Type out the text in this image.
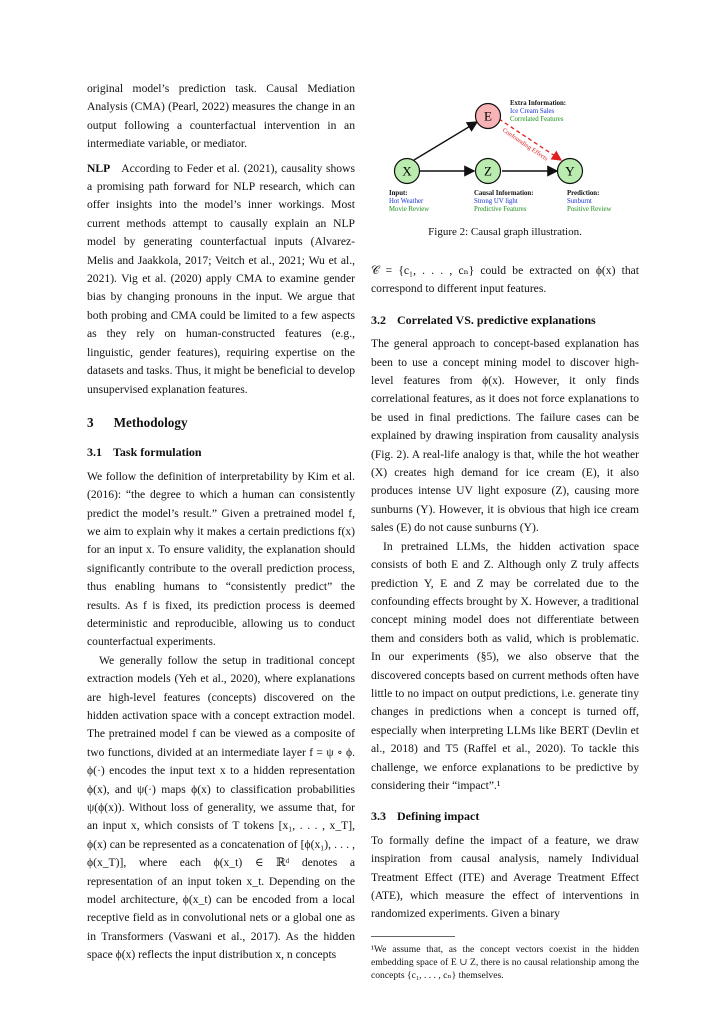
original model’s prediction task. Causal Mediation Analysis (CMA) (Pearl, 2022) measures the change in an output following a counterfactual intervention in an intermediate variable, or mediator.

NLP According to Feder et al. (2021), causality shows a promising path forward for NLP research, which can offer insights into the model’s inner workings. Most current methods attempt to causally explain an NLP model by generating counterfactual inputs (Alvarez-Melis and Jaakkola, 2017; Veitch et al., 2021; Wu et al., 2021). Vig et al. (2020) apply CMA to examine gender bias by changing pronouns in the input. We argue that both probing and CMA could be limited to a few aspects as they rely on human-constructed features (e.g., linguistic, gender features), requiring expertise on the datasets and tasks. Thus, it might be beneficial to develop unsupervised explanation features.

3 Methodology
3.1 Task formulation

We follow the definition of interpretability by Kim et al. (2016): “the degree to which a human can consistently predict the model’s result.” Given a pretrained model f, we aim to explain why it makes a certain predictions f(x) for an input x. To ensure validity, the explanation should significantly contribute to the overall prediction process, thus enabling humans to “consistently predict” the results. As f is fixed, its prediction process is deemed deterministic and reproducible, allowing us to conduct counterfactual experiments.

We generally follow the setup in traditional concept extraction models (Yeh et al., 2020), where explanations are high-level features (concepts) discovered on the hidden activation space with a concept extraction model. The pretrained model f can be viewed as a composite of two functions, divided at an intermediate layer f = ψ ∘ ϕ. ϕ(·) encodes the input text x to a hidden representation ϕ(x), and ψ(·) maps ϕ(x) to classification probabilities ψ(ϕ(x)). Without loss of generality, we assume that, for an input x, which consists of T tokens [x₁, . . . , x_T], ϕ(x) can be represented as a concatenation of [ϕ(x₁), . . . , ϕ(x_T)], where each ϕ(x_t) ∈ ℝᵈ denotes a representation of an input token x_t. Depending on the model architecture, ϕ(x_t) can be encoded from a local receptive field as in convolutional nets or a global one as in Transformers (Vaswani et al., 2017). As the hidden space ϕ(x) reflects the input distribution x, n concepts

E
X	Z	Y
Extra Information:
Ice Cream Sales
Correlated Features
Confounding Effects
Input:
Hot Weather
Movie Review
Causal Information:
Strong UV light
Predictive Features
Prediction:
Sunburnt
Positive Review
Figure 2: Causal graph illustration.

𝒞 = {c₁, . . . , cₙ} could be extracted on ϕ(x) that correspond to different input features.

3.2 Correlated VS. predictive explanations

The general approach to concept-based explanation has been to use a concept mining model to discover high-level features from ϕ(x). However, it only finds correlational features, as it does not force explanations to be used in final predictions. The failure cases can be explained by drawing inspiration from causality analysis (Fig. 2). A real-life analogy is that, while the hot weather (X) creates high demand for ice cream (E), it also produces intense UV light exposure (Z), causing more sunburns (Y). However, it is obvious that high ice cream sales (E) do not cause sunburns (Y).

In pretrained LLMs, the hidden activation space consists of both E and Z. Although only Z truly affects prediction Y, E and Z may be correlated due to the confounding effects brought by X. However, a traditional concept mining model does not differentiate between them and considers both as valid, which is problematic. In our experiments (§5), we also observe that the discovered concepts based on current methods often have little to no impact on output predictions, i.e. generate tiny changes in predictions when a concept is turned off, especially when interpreting LLMs like BERT (Devlin et al., 2018) and T5 (Raffel et al., 2020). To tackle this challenge, we enforce explanations to be predictive by considering their “impact”.¹

3.3 Defining impact

To formally define the impact of a feature, we draw inspiration from causal analysis, namely Individual Treatment Effect (ITE) and Average Treatment Effect (ATE), which measure the effect of interventions in randomized experiments. Given a binary

¹We assume that, as the concept vectors coexist in the hidden embedding space of E ∪ Z, there is no causal relationship among the concepts {c₁, . . . , cₙ} themselves.
